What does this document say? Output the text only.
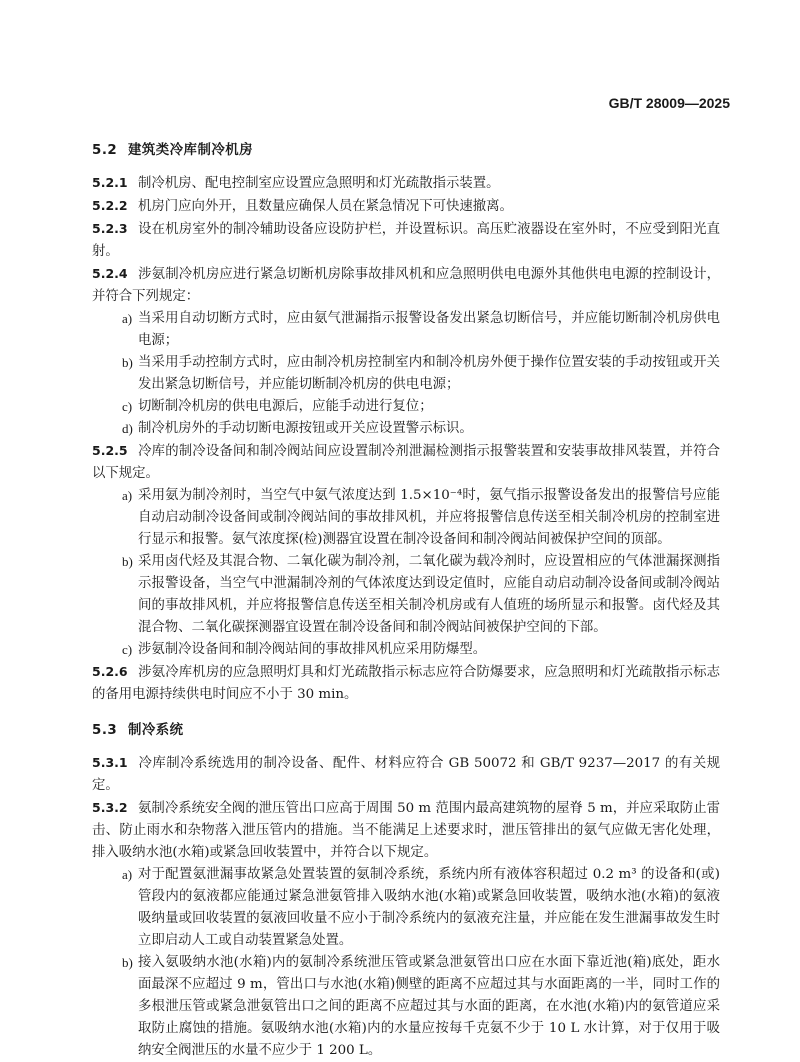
GB/T 28009—2025
5.2 建筑类冷库制冷机房
5.2.1 制冷机房、配电控制室应设置应急照明和灯光疏散指示装置。
5.2.2 机房门应向外开，且数量应确保人员在紧急情况下可快速撤离。
5.2.3 设在机房室外的制冷辅助设备应设防护栏，并设置标识。高压贮液器设在室外时，不应受到阳光直射。
5.2.4 涉氨制冷机房应进行紧急切断机房除事故排风机和应急照明供电电源外其他供电电源的控制设计，并符合下列规定：
a) 当采用自动切断方式时，应由氨气泄漏指示报警设备发出紧急切断信号，并应能切断制冷机房供电电源；
b) 当采用手动控制方式时，应由制冷机房控制室内和制冷机房外便于操作位置安装的手动按钮或开关发出紧急切断信号，并应能切断制冷机房的供电电源；
c) 切断制冷机房的供电电源后，应能手动进行复位；
d) 制冷机房外的手动切断电源按钮或开关应设置警示标识。
5.2.5 冷库的制冷设备间和制冷阀站间应设置制冷剂泄漏检测指示报警装置和安装事故排风装置，并符合以下规定。
a) 采用氨为制冷剂时，当空气中氨气浓度达到 1.5×10⁻⁴时，氨气指示报警设备发出的报警信号应能自动启动制冷设备间或制冷阀站间的事故排风机，并应将报警信息传送至相关制冷机房的控制室进行显示和报警。氨气浓度探(检)测器宜设置在制冷设备间和制冷阀站间被保护空间的顶部。
b) 采用卤代烃及其混合物、二氧化碳为制冷剂，二氧化碳为载冷剂时，应设置相应的气体泄漏探测指示报警设备，当空气中泄漏制冷剂的气体浓度达到设定值时，应能自动启动制冷设备间或制冷阀站间的事故排风机，并应将报警信息传送至相关制冷机房或有人值班的场所显示和报警。卤代烃及其混合物、二氧化碳探测器宜设置在制冷设备间和制冷阀站间被保护空间的下部。
c) 涉氨制冷设备间和制冷阀站间的事故排风机应采用防爆型。
5.2.6 涉氨冷库机房的应急照明灯具和灯光疏散指示标志应符合防爆要求，应急照明和灯光疏散指示标志的备用电源持续供电时间应不小于 30 min。
5.3 制冷系统
5.3.1 冷库制冷系统选用的制冷设备、配件、材料应符合 GB 50072 和 GB/T 9237—2017 的有关规定。
5.3.2 氨制冷系统安全阀的泄压管出口应高于周围 50 m 范围内最高建筑物的屋脊 5 m，并应采取防止雷击、防止雨水和杂物落入泄压管内的措施。当不能满足上述要求时，泄压管排出的氨气应做无害化处理，排入吸纳水池(水箱)或紧急回收装置中，并符合以下规定。
a) 对于配置氨泄漏事故紧急处置装置的氨制冷系统，系统内所有液体容积超过 0.2 m³ 的设备和(或)管段内的氨液都应能通过紧急泄氨管排入吸纳水池(水箱)或紧急回收装置，吸纳水池(水箱)的氨液吸纳量或回收装置的氨液回收量不应小于制冷系统内的氨液充注量，并应能在发生泄漏事故发生时立即启动人工或自动装置紧急处置。
b) 接入氨吸纳水池(水箱)内的氨制冷系统泄压管或紧急泄氨管出口应在水面下靠近池(箱)底处，距水面最深不应超过 9 m，管出口与水池(水箱)侧壁的距离不应超过其与水面距离的一半，同时工作的多根泄压管或紧急泄氨管出口之间的距离不应超过其与水面的距离，在水池(水箱)内的氨管道应采取防止腐蚀的措施。氨吸纳水池(水箱)内的水量应按每千克氨不少于 10 L 水计算，对于仅用于吸纳安全阀泄压的水量不应少于 1 200 L。
